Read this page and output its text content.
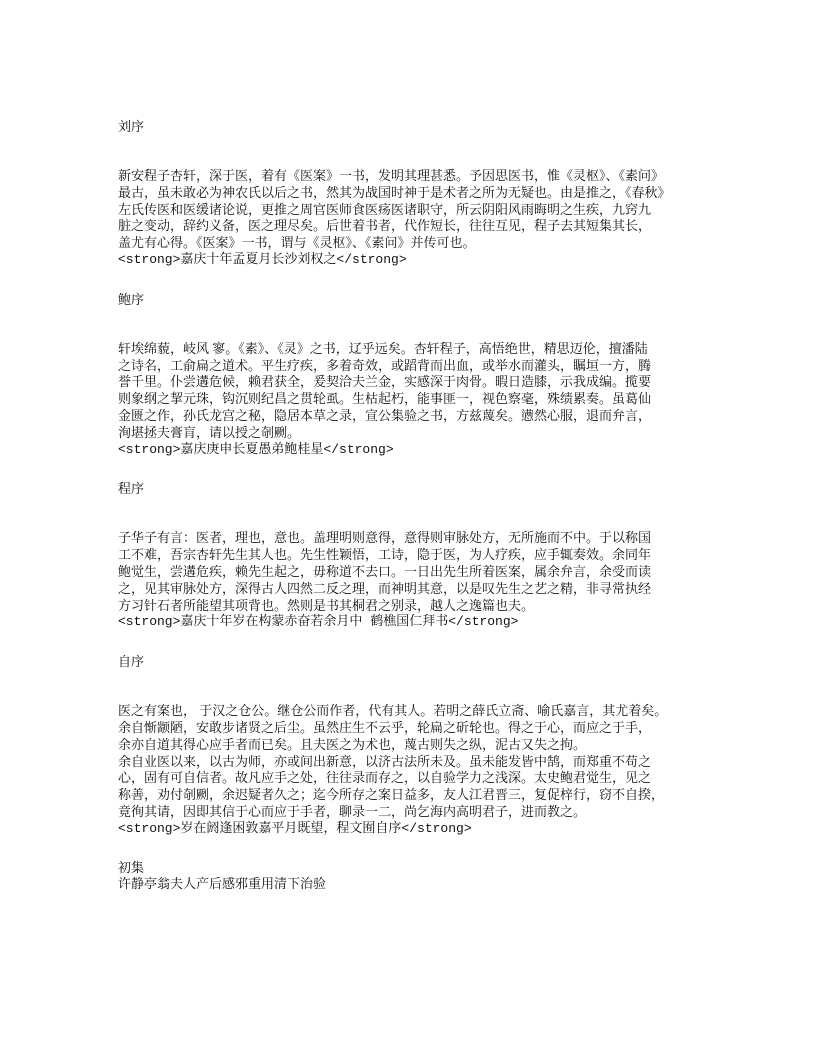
刘序
新安程子杏轩，深于医，着有《医案》一书，发明其理甚悉。予因思医书，惟《灵枢》、《素问》
最古，虽未敢必为神农氏以后之书，然其为战国时神于是术者之所为无疑也。由是推之，《春秋》
左氏传医和医缓诸论说，更推之周官医师食医疡医诸职守，所云阴阳风雨晦明之生疾，九窍九
脏之变动，辞约义备，医之理尽矣。后世着书者，代作短长，往往互见，程子去其短集其长，
盖尤有心得。《医案》一书，谓与《灵枢》、《素问》并传可也。
<strong>嘉庆十年孟夏月长沙刘权之</strong>
鲍序
轩埃绵藐，岐风 寥。《素》、《灵》之书，辽乎远矣。杏轩程子，高悟绝世，精思迈伦，擅潘陆
之诗名，工俞扁之道术。平生疗疾，多着奇效，或蹈背而出血，或举水而灌头，瞩垣一方，腾
誉千里。仆尝遘危候，赖君获全，爰契洽夫兰金，实感深于肉骨。暇日造膝，示我成编。揽要
则象纲之挈元珠，钩沉则纪昌之贯轮虱。生枯起朽，能事匪一，视色察毫，殊绩累奏。虽葛仙
金匮之作，孙氏龙宫之秘，隐居本草之录，宣公集验之书，方兹蔑矣。懑然心服，退而弁言，
洵堪拯夫膏肓，请以授之剞劂。
<strong>嘉庆庚申长夏愚弟鲍桂星</strong>
程序
子华子有言：医者，理也，意也。盖理明则意得，意得则审脉处方，无所施而不中。于以称国
工不难，吾宗杏轩先生其人也。先生性颖悟，工诗，隐于医，为人疗疾，应手辄奏效。余同年
鲍觉生，尝遘危疾，赖先生起之，毋称道不去口。一日出先生所着医案，属余弁言，余受而读
之，见其审脉处方，深得古人四然二反之理，而神明其意，以是叹先生之艺之精，非寻常执经
方习针石者所能望其项背也。然则是书其桐君之别录，越人之逸篇也夫。
<strong>嘉庆十年岁在构蒙赤奋若余月中 鹤樵国仁拜书</strong>
自序
医之有案也， 于汉之仓公。继仓公而作者，代有其人。若明之薛氏立斋、喻氏嘉言，其尤着矣。
余自惭颛陋，安敢步诸贤之后尘。虽然庄生不云乎，轮扁之斫轮也。得之于心，而应之于手，
余亦自道其得心应手者而已矣。且夫医之为术也，蔑古则失之纵，泥古又失之拘。
余自业医以来，以古为师，亦或间出新意，以济古法所未及。虽未能发皆中鹄，而郑重不苟之
心，固有可自信者。故凡应手之处，往往录而存之，以自验学力之浅深。太史鲍君觉生，见之
称善，劝付剞劂，余迟疑者久之；迄今所存之案日益多，友人江君晋三，复促梓行，窃不自揆，
竟徇其请，因即其信于心而应于手者，聊录一二，尚乞海内高明君子，进而教之。
<strong>岁在阏逢困敦嘉平月既望，程文囿自序</strong>
初集
许静亭翁夫人产后感邪重用清下治验
